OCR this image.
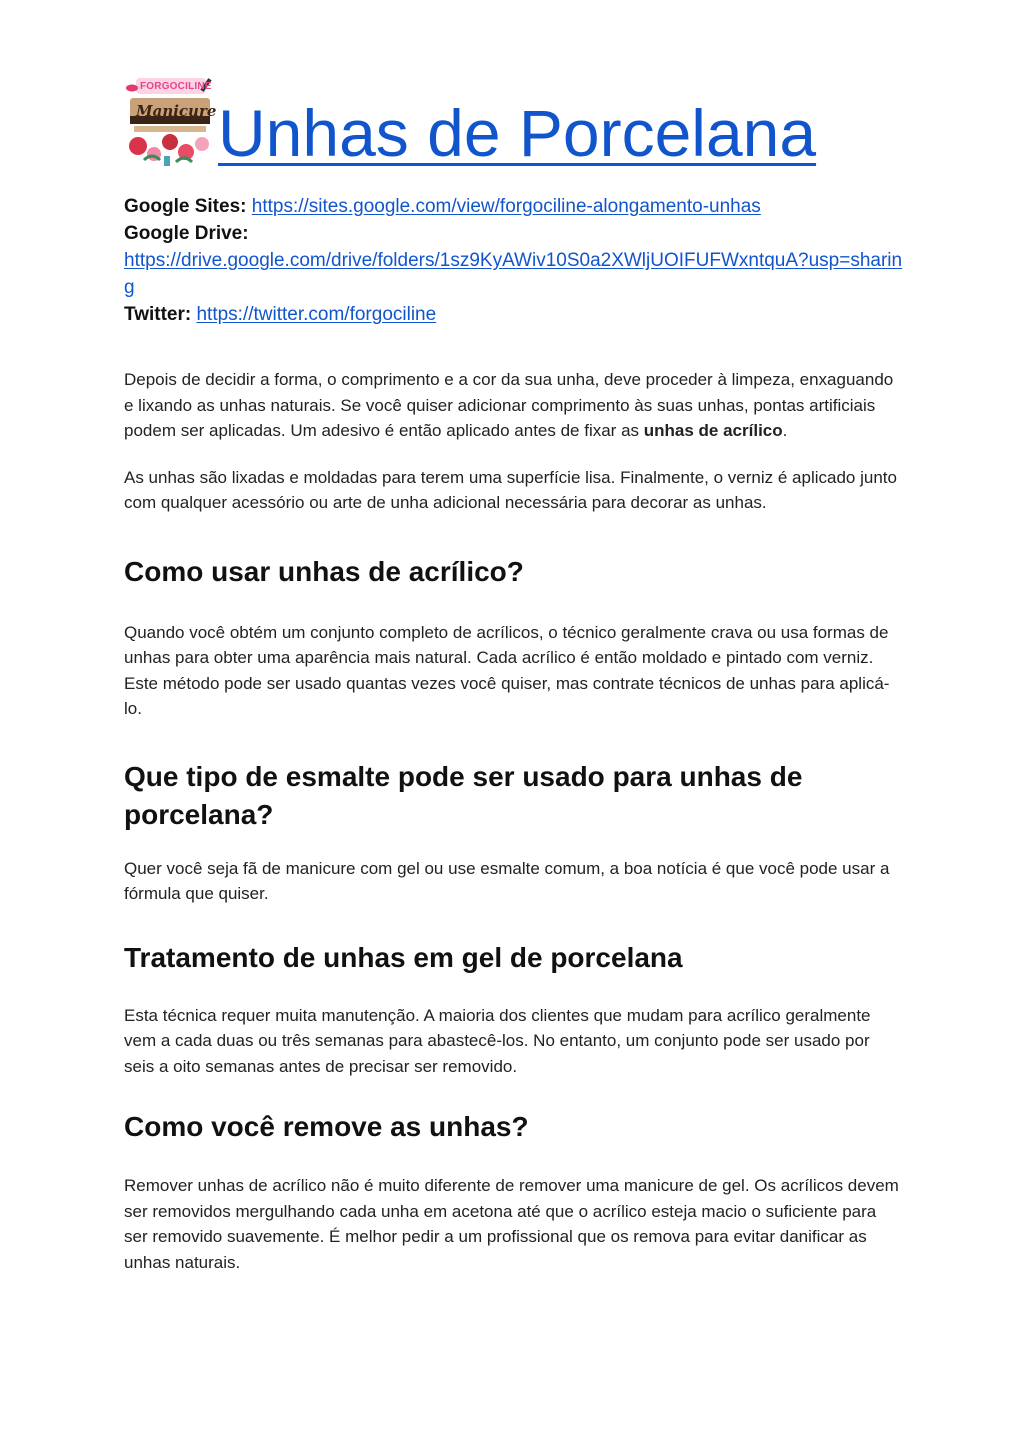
FORGOCILINE
Manicure Unhas de Porcelana
Google Sites: https://sites.google.com/view/forgociline-alongamento-unhas
Google Drive:
https://drive.google.com/drive/folders/1sz9KyAWiv10S0a2XWljUOIFUFWxntquA?usp=sharing
Twitter: https://twitter.com/forgociline

Depois de decidir a forma, o comprimento e a cor da sua unha, deve proceder à limpeza, enxaguando e lixando as unhas naturais. Se você quiser adicionar comprimento às suas unhas, pontas artificiais podem ser aplicadas. Um adesivo é então aplicado antes de fixar as unhas de acrílico.

As unhas são lixadas e moldadas para terem uma superfície lisa. Finalmente, o verniz é aplicado junto com qualquer acessório ou arte de unha adicional necessária para decorar as unhas.

Como usar unhas de acrílico?

Quando você obtém um conjunto completo de acrílicos, o técnico geralmente crava ou usa formas de unhas para obter uma aparência mais natural. Cada acrílico é então moldado e pintado com verniz. Este método pode ser usado quantas vezes você quiser, mas contrate técnicos de unhas para aplicá-lo.

Que tipo de esmalte pode ser usado para unhas de porcelana?

Quer você seja fã de manicure com gel ou use esmalte comum, a boa notícia é que você pode usar a fórmula que quiser.

Tratamento de unhas em gel de porcelana

Esta técnica requer muita manutenção. A maioria dos clientes que mudam para acrílico geralmente vem a cada duas ou três semanas para abastecê-los. No entanto, um conjunto pode ser usado por seis a oito semanas antes de precisar ser removido.

Como você remove as unhas?

Remover unhas de acrílico não é muito diferente de remover uma manicure de gel. Os acrílicos devem ser removidos mergulhando cada unha em acetona até que o acrílico esteja macio o suficiente para ser removido suavemente. É melhor pedir a um profissional que os remova para evitar danificar as unhas naturais.
